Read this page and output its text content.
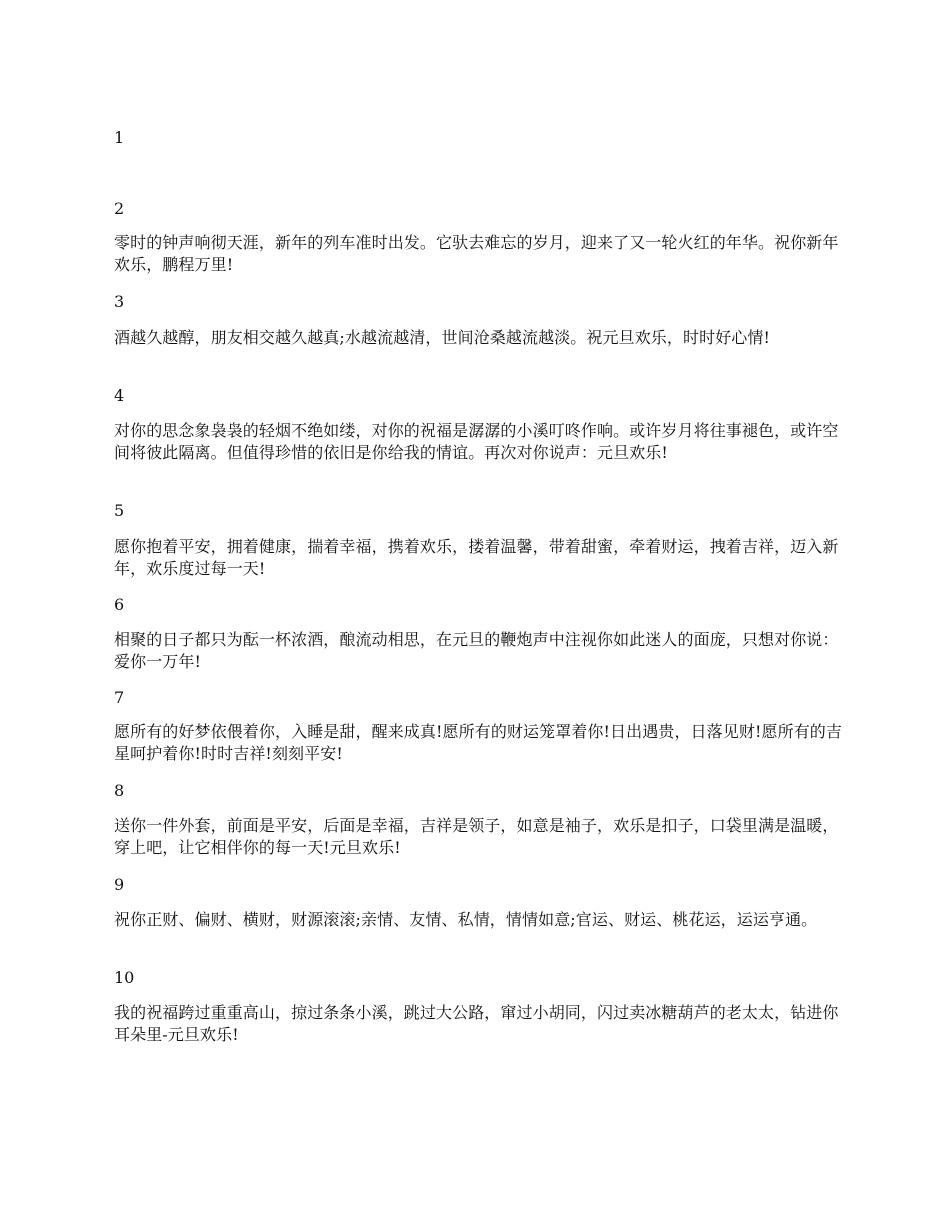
1

2

零时的钟声响彻天涯，新年的列车准时出发。它驮去难忘的岁月，迎来了又一轮火红的年华。祝你新年欢乐，鹏程万里!

3

酒越久越醇，朋友相交越久越真;水越流越清，世间沧桑越流越淡。祝元旦欢乐，时时好心情!

4

对你的思念象袅袅的轻烟不绝如缕，对你的祝福是潺潺的小溪叮咚作响。或许岁月将往事褪色，或许空间将彼此隔离。但值得珍惜的依旧是你给我的情谊。再次对你说声：元旦欢乐!

5

愿你抱着平安，拥着健康，揣着幸福，携着欢乐，搂着温馨，带着甜蜜，牵着财运，拽着吉祥，迈入新年，欢乐度过每一天!

6

相聚的日子都只为酝一杯浓酒，酿流动相思，在元旦的鞭炮声中注视你如此迷人的面庞，只想对你说：爱你一万年!

7

愿所有的好梦依偎着你，入睡是甜，醒来成真!愿所有的财运笼罩着你!日出遇贵，日落见财!愿所有的吉星呵护着你!时时吉祥!刻刻平安!

8

送你一件外套，前面是平安，后面是幸福，吉祥是领子，如意是袖子，欢乐是扣子，口袋里满是温暖，穿上吧，让它相伴你的每一天!元旦欢乐!

9

祝你正财、偏财、横财，财源滚滚;亲情、友情、私情，情情如意;官运、财运、桃花运，运运亨通。

10

我的祝福跨过重重高山，掠过条条小溪，跳过大公路，窜过小胡同，闪过卖冰糖葫芦的老太太，钻进你耳朵里-元旦欢乐!
